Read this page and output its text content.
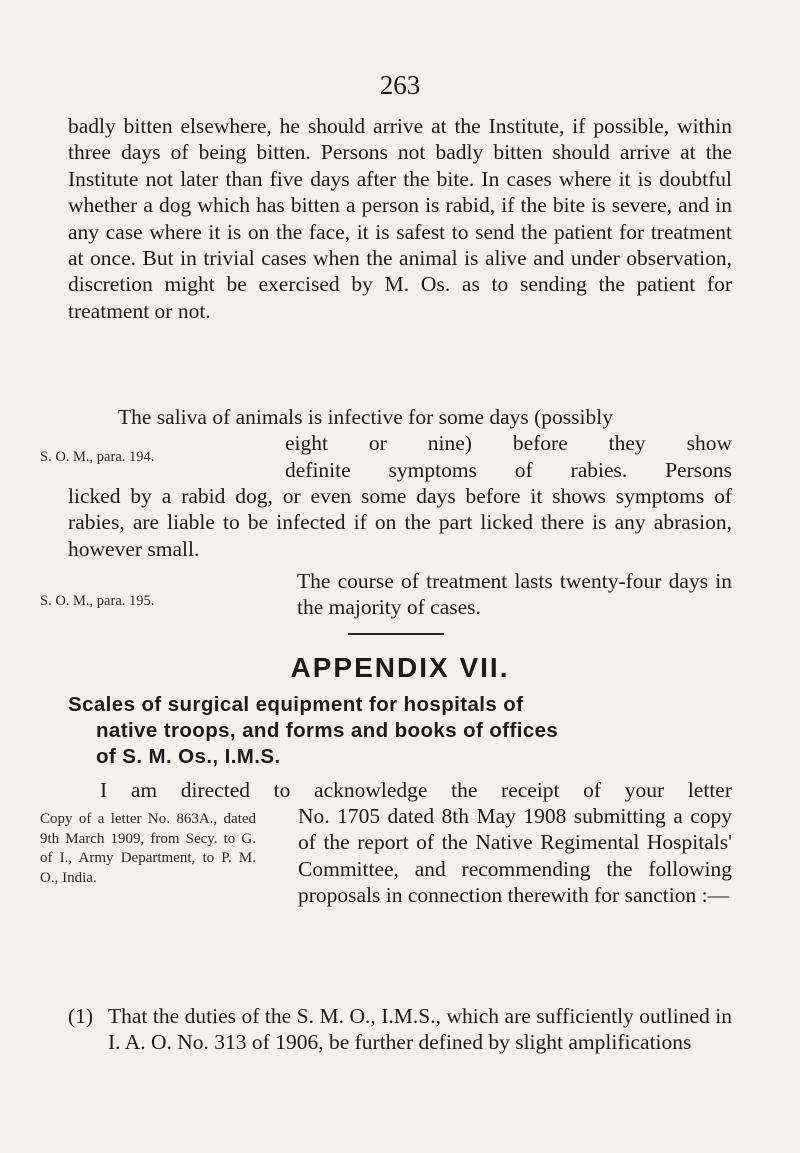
263

badly bitten elsewhere, he should arrive at the Institute, if possible, within three days of being bitten. Persons not badly bitten should arrive at the Institute not later than five days after the bite. In cases where it is doubtful whether a dog which has bitten a person is rabid, if the bite is severe, and in any case where it is on the face, it is safest to send the patient for treatment at once. But in trivial cases when the animal is alive and under observation, discretion might be exercised by M. Os. as to sending the patient for treatment or not.

The saliva of animals is infective for some days (possibly
S. O. M., para. 194.
eight or nine) before they show
definite symptoms of rabies. Persons

licked by a rabid dog, or even some days before it shows symptoms of rabies, are liable to be infected if on the part licked there is any abrasion, however small.

S. O. M., para. 195.

The course of treatment lasts twenty-four days in the majority of cases.

APPENDIX VII.
Scales of surgical equipment for hospitals of
native troops, and forms and books of offices
of S. M. Os., I.M.S.
I am directed to acknowledge the receipt of your letter
Copy of a letter No. 863A., dated 9th March 1909, from Secy. to G. of I., Army Department, to P. M. O., India.

No. 1705 dated 8th May 1908 submitting a copy of the report of the Native Regimental Hospitals' Committee, and recommending the following proposals in connection therewith for sanction :—

(1) That the duties of the S. M. O., I.M.S., which are sufficiently outlined in I. A. O. No. 313 of 1906, be further defined by slight amplifications
